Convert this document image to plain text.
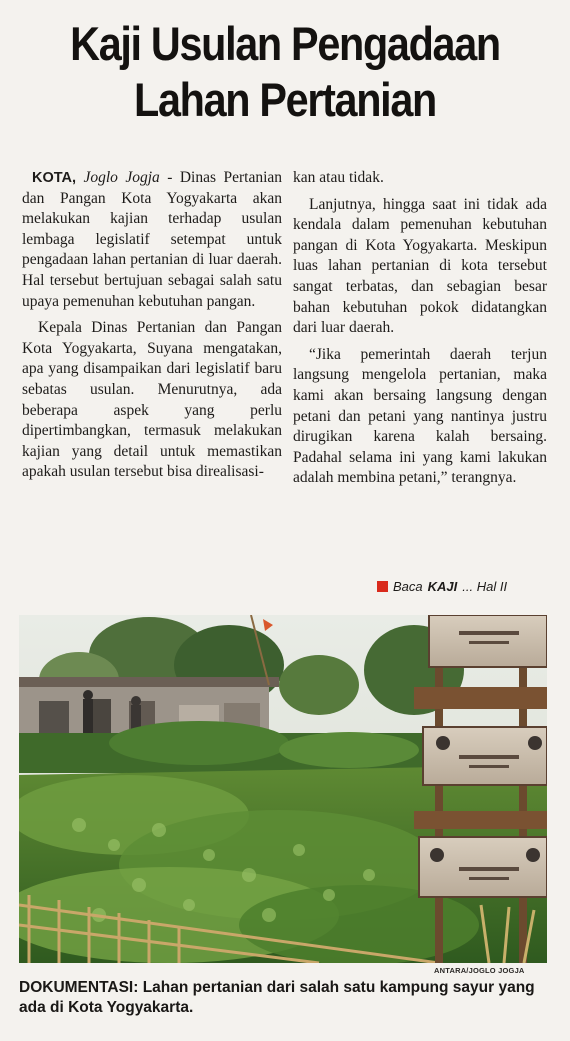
Kaji Usulan Pengadaan
Lahan Pertanian

KOTA, Joglo Jogja - Dinas Pertanian dan Pangan Kota Yogyakarta akan melakukan kajian terhadap usulan lembaga legislatif setempat untuk pengadaan lahan pertanian di luar daerah. Hal tersebut bertujuan sebagai salah satu upaya pemenuhan kebutuhan pangan.

Kepala Dinas Pertanian dan Pangan Kota Yogyakarta, Suyana mengatakan, apa yang disampaikan dari legislatif baru sebatas usulan. Menurutnya, ada beberapa aspek yang perlu dipertimbangkan, termasuk melakukan kajian yang detail untuk memastikan apakah usulan tersebut bisa direalisasi-

kan atau tidak.

Lanjutnya, hingga saat ini tidak ada kendala dalam pemenuhan kebutuhan pangan di Kota Yogyakarta. Meskipun luas lahan pertanian di kota tersebut sangat terbatas, dan sebagian besar bahan kebutuhan pokok didatangkan dari luar daerah.

“Jika pemerintah daerah terjun langsung mengelola pertanian, maka kami akan bersaing langsung dengan petani dan petani yang nantinya justru dirugikan karena kalah bersaing. Padahal selama ini yang kami lakukan adalah membina petani,” terangnya.

Baca KAJI ... Hal II
ANTARA/JOGLO JOGJA
DOKUMENTASI: Lahan pertanian dari salah satu kampung sayur yang ada di Kota Yogyakarta.
